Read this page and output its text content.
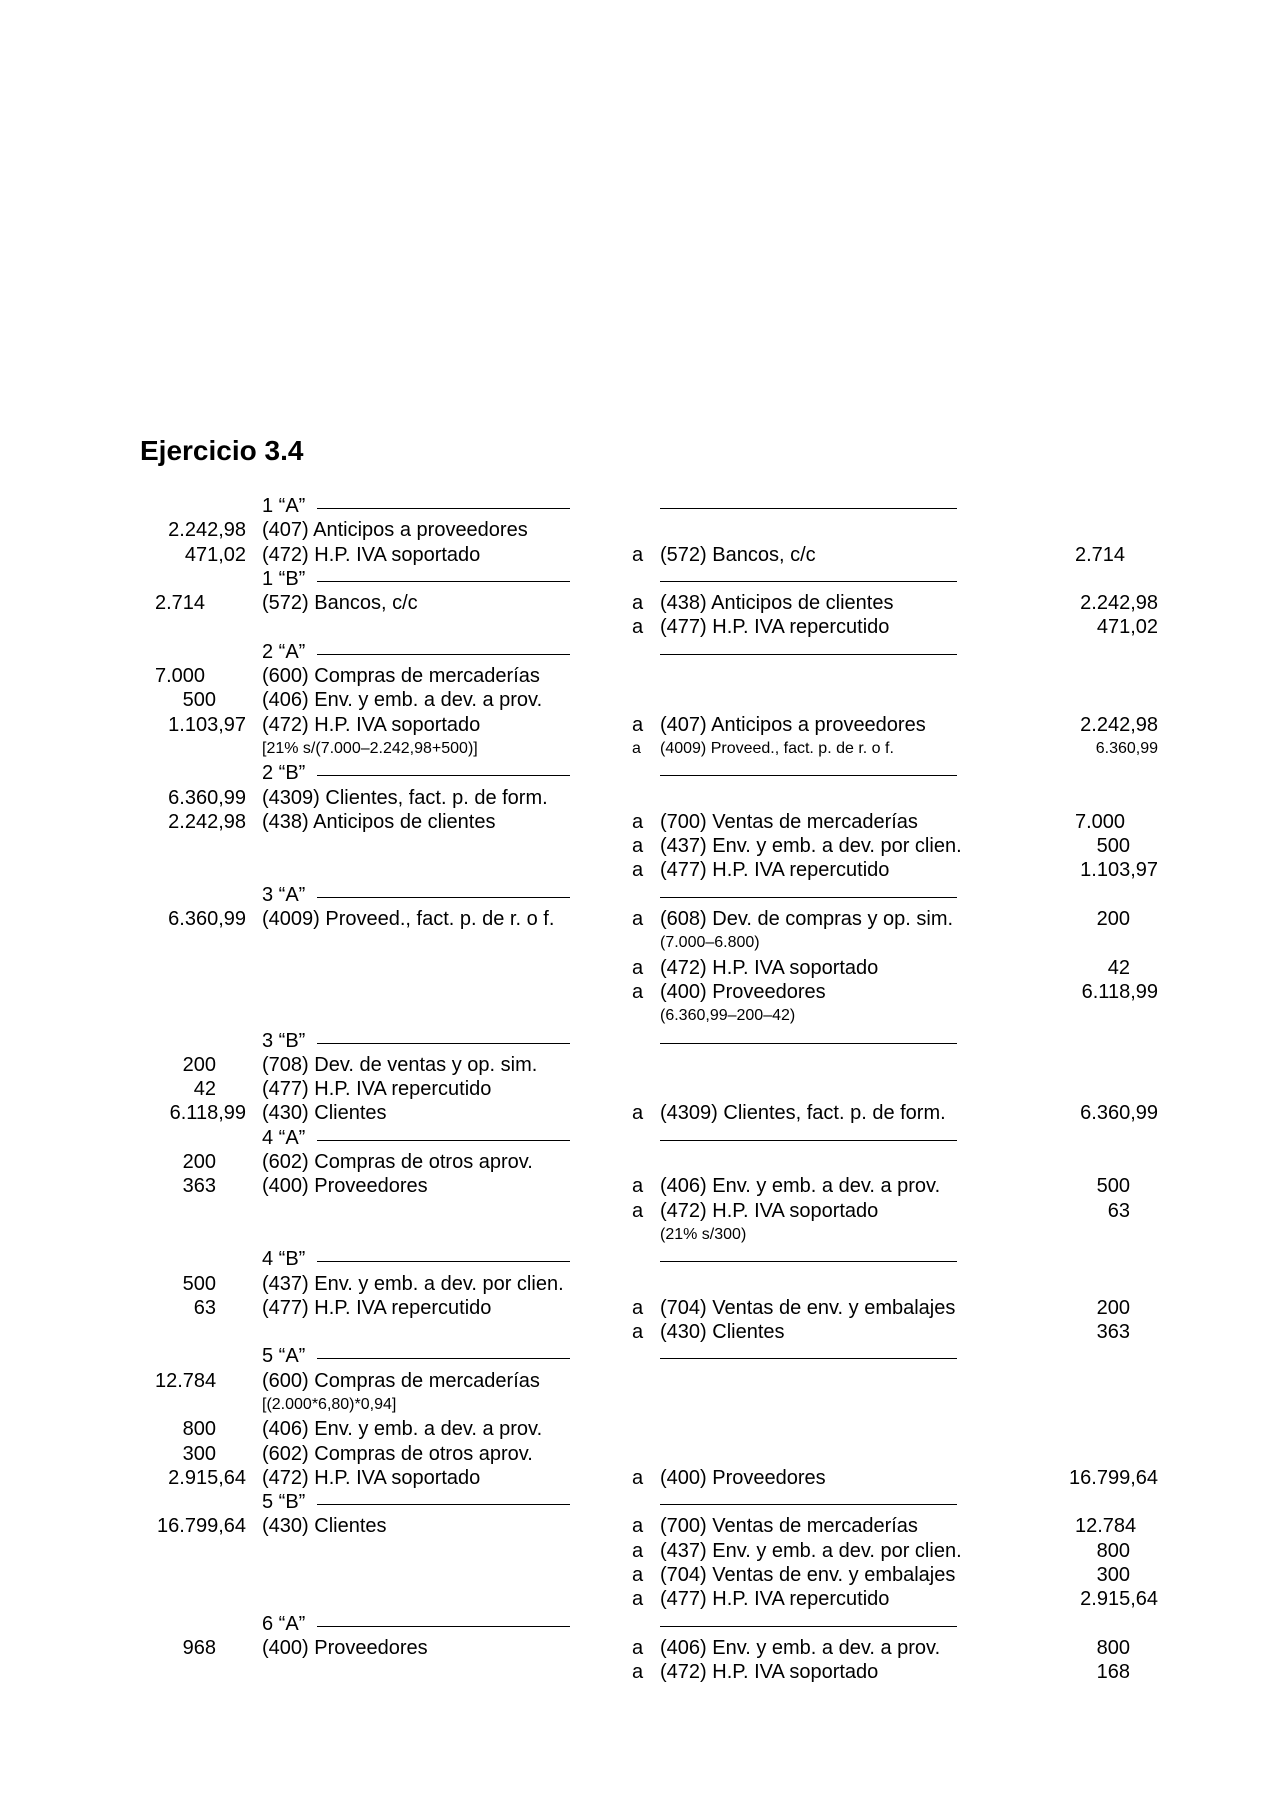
Ejercicio 3.4
1 “A”
2.242,98 (407) Anticipos a proveedores
471,02 (472) H.P. IVA soportado	a (572) Bancos, c/c	2.714
1 “B”
2.714	(572) Bancos, c/c	a (438) Anticipos de clientes	2.242,98
a (477) H.P. IVA repercutido	471,02
2 “A”
7.000	(600) Compras de mercaderías
500 (406) Env. y emb. a dev. a prov.
1.103,97 (472) H.P. IVA soportado	a (407) Anticipos a proveedores	2.242,98
[21% s/(7.000–2.242,98+500)]	a (4009) Proveed., fact. p. de r. o f.	6.360,99
2 “B”
6.360,99 (4309) Clientes, fact. p. de form.
2.242,98 (438) Anticipos de clientes	a (700) Ventas de mercaderías	7.000
a (437) Env. y emb. a dev. por clien.	500
a (477) H.P. IVA repercutido	1.103,97
3 “A”
6.360,99 (4009) Proveed., fact. p. de r. o f.	a (608) Dev. de compras y op. sim.	200
(7.000–6.800)
a (472) H.P. IVA soportado	42
a (400) Proveedores	6.118,99
(6.360,99–200–42)
3 “B”
200 (708) Dev. de ventas y op. sim.
42 (477) H.P. IVA repercutido
6.118,99 (430) Clientes	a (4309) Clientes, fact. p. de form.	6.360,99
4 “A”
200 (602) Compras de otros aprov.
363 (400) Proveedores	a (406) Env. y emb. a dev. a prov.	500
a (472) H.P. IVA soportado	63
(21% s/300)
4 “B”
500 (437) Env. y emb. a dev. por clien.
63 (477) H.P. IVA repercutido	a (704) Ventas de env. y embalajes	200
a (430) Clientes	363
5 “A”
12.784 (600) Compras de mercaderías
[(2.000*6,80)*0,94]
800 (406) Env. y emb. a dev. a prov.
300 (602) Compras de otros aprov.
2.915,64 (472) H.P. IVA soportado	a (400) Proveedores	16.799,64
5 “B”
16.799,64 (430) Clientes	a (700) Ventas de mercaderías	12.784
a (437) Env. y emb. a dev. por clien.	800
a (704) Ventas de env. y embalajes	300
a (477) H.P. IVA repercutido	2.915,64
6 “A”
968 (400) Proveedores	a (406) Env. y emb. a dev. a prov.	800
a (472) H.P. IVA soportado	168
